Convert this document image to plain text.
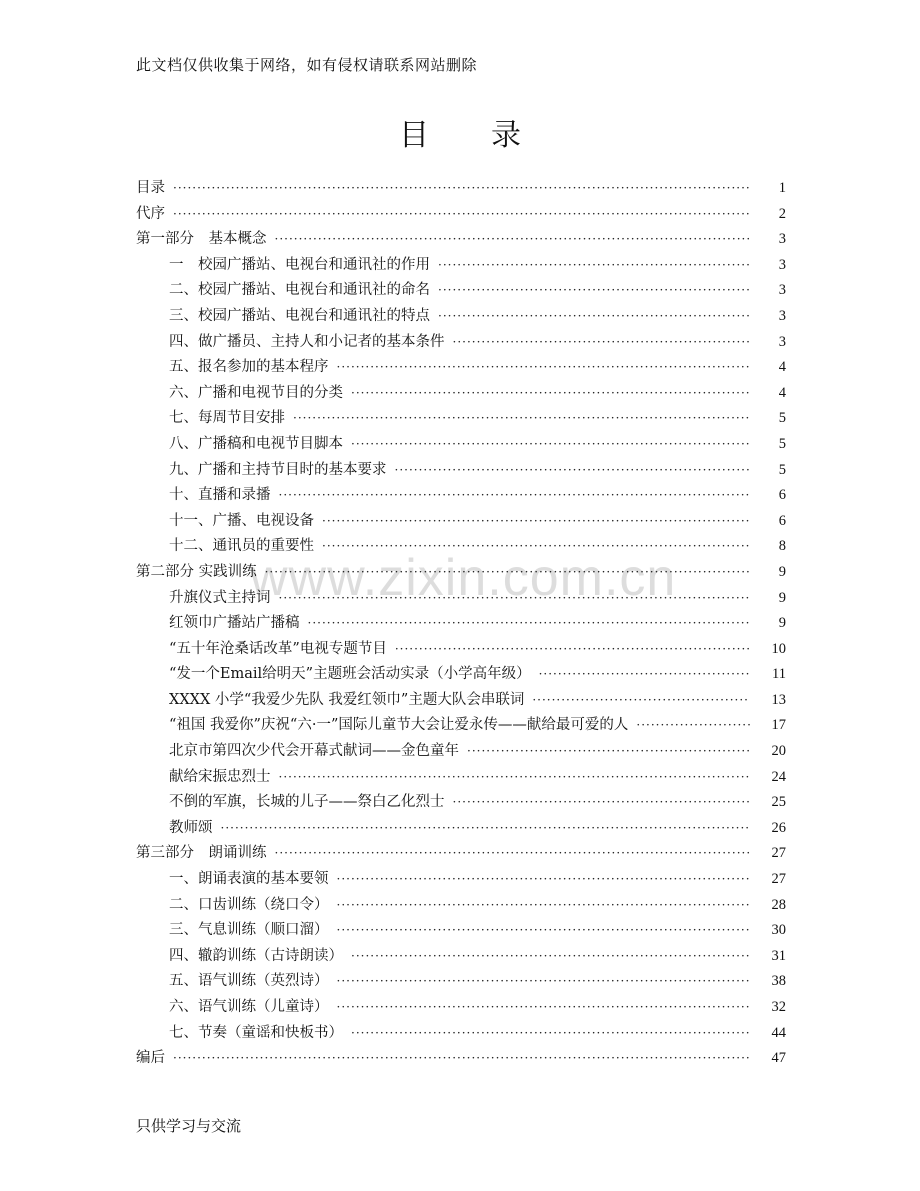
此文档仅供收集于网络，如有侵权请联系网站删除
目录
www.zixin.com.cn
目录 ·····	1
代序 ·····	2
第一部分　基本概念 ·····	3
一　校园广播站、电视台和通讯社的作用 ·····	3
二、校园广播站、电视台和通讯社的命名 ·····	3
三、校园广播站、电视台和通讯社的特点 ·····	3
四、做广播员、主持人和小记者的基本条件 ·····	3
五、报名参加的基本程序 ·····	4
六、广播和电视节目的分类 ·····	4
七、每周节目安排 ·····	5
八、广播稿和电视节目脚本 ·····	5
九、广播和主持节目时的基本要求 ·····	5
十、直播和录播 ·····	6
十一、广播、电视设备 ·····	6
十二、通讯员的重要性 ·····	8
第二部分 实践训练 ·····	9
升旗仪式主持词 ·····	9
红领巾广播站广播稿 ·····	9
“五十年沧桑话改革”电视专题节目 ·····	10
“发一个Email给明天”主题班会活动实录（小学高年级） ·····	11
XXXX 小学“我爱少先队 我爱红领巾”主题大队会串联词 ·····	13
“祖国 我爱你”庆祝“六·一”国际儿童节大会让爱永传——献给最可爱的人 ·····	17
北京市第四次少代会开幕式献词——金色童年 ·····	20
献给宋振忠烈士 ·····	24
不倒的军旗，长城的儿子——祭白乙化烈士 ·····	25
教师颂 ·····	26
第三部分　朗诵训练 ·····	27
一、朗诵表演的基本要领 ·····	27
二、口齿训练（绕口令） ·····	28
三、气息训练（顺口溜） ·····	30
四、辙韵训练（古诗朗读） ·····	31
五、语气训练（英烈诗） ·····	38
六、语气训练（儿童诗） ·····	32
七、节奏（童谣和快板书） ·····	44
编后 ·····	47
只供学习与交流
